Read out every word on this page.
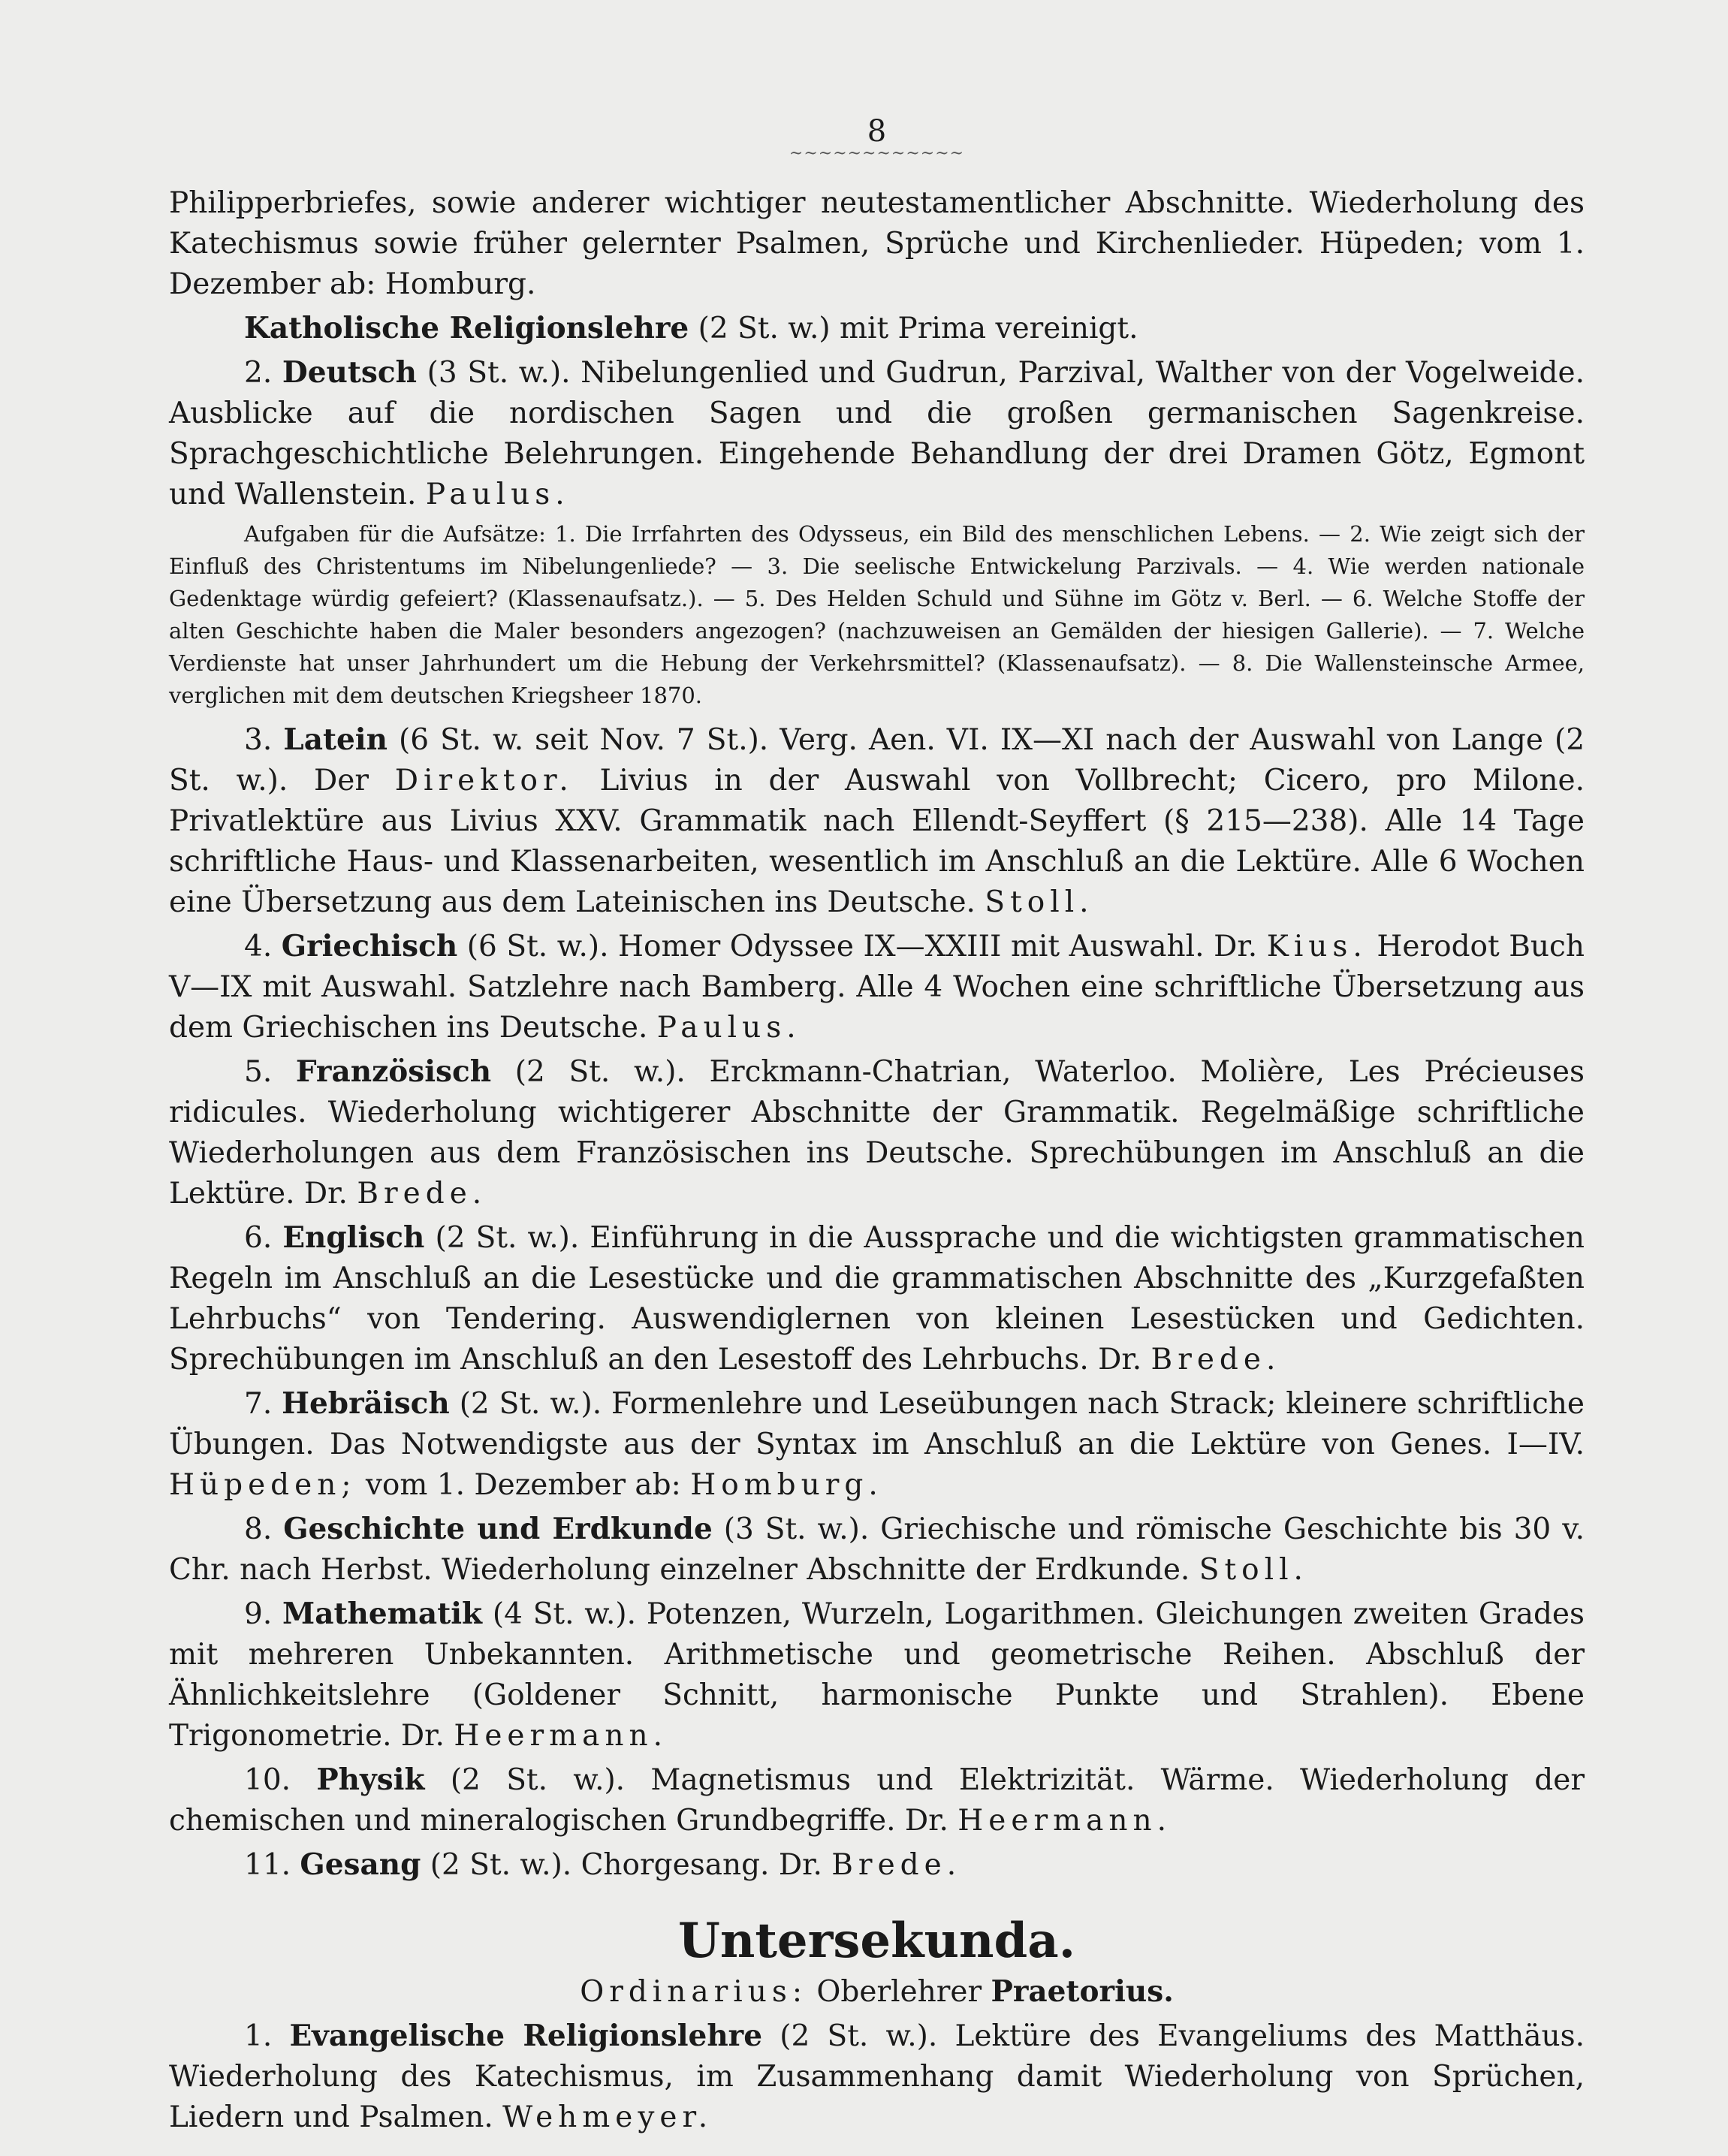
8
~~~~~~~~~~~~

Philipperbriefes, sowie anderer wichtiger neutestamentlicher Abschnitte. Wiederholung des Katechismus sowie früher gelernter Psalmen, Sprüche und Kirchenlieder. Hüpeden; vom 1. Dezember ab: Homburg.

Katholische Religionslehre (2 St. w.) mit Prima vereinigt.

2. Deutsch (3 St. w.). Nibelungenlied und Gudrun, Parzival, Walther von der Vogelweide. Ausblicke auf die nordischen Sagen und die großen germanischen Sagenkreise. Sprachgeschichtliche Belehrungen. Eingehende Behandlung der drei Dramen Götz, Egmont und Wallenstein. Paulus.

Aufgaben für die Aufsätze: 1. Die Irrfahrten des Odysseus, ein Bild des menschlichen Lebens. — 2. Wie zeigt sich der Einfluß des Christentums im Nibelungenliede? — 3. Die seelische Entwickelung Parzivals. — 4. Wie werden nationale Gedenktage würdig gefeiert? (Klassenaufsatz.). — 5. Des Helden Schuld und Sühne im Götz v. Berl. — 6. Welche Stoffe der alten Geschichte haben die Maler besonders angezogen? (nachzuweisen an Gemälden der hiesigen Gallerie). — 7. Welche Verdienste hat unser Jahrhundert um die Hebung der Verkehrsmittel? (Klassenaufsatz). — 8. Die Wallensteinsche Armee, verglichen mit dem deutschen Kriegsheer 1870.

3. Latein (6 St. w. seit Nov. 7 St.). Verg. Aen. VI. IX—XI nach der Auswahl von Lange (2 St. w.). Der Direktor. Livius in der Auswahl von Vollbrecht; Cicero, pro Milone. Privatlektüre aus Livius XXV. Grammatik nach Ellendt-Seyffert (§ 215—238). Alle 14 Tage schriftliche Haus- und Klassenarbeiten, wesentlich im Anschluß an die Lektüre. Alle 6 Wochen eine Übersetzung aus dem Lateinischen ins Deutsche. Stoll.

4. Griechisch (6 St. w.). Homer Odyssee IX—XXIII mit Auswahl. Dr. Kius. Herodot Buch V—IX mit Auswahl. Satzlehre nach Bamberg. Alle 4 Wochen eine schriftliche Übersetzung aus dem Griechischen ins Deutsche. Paulus.

5. Französisch (2 St. w.). Erckmann-Chatrian, Waterloo. Molière, Les Précieuses ridicules. Wiederholung wichtigerer Abschnitte der Grammatik. Regelmäßige schriftliche Wiederholungen aus dem Französischen ins Deutsche. Sprechübungen im Anschluß an die Lektüre. Dr. Brede.

6. Englisch (2 St. w.). Einführung in die Aussprache und die wichtigsten grammatischen Regeln im Anschluß an die Lesestücke und die grammatischen Abschnitte des „Kurzgefaßten Lehrbuchs“ von Tendering. Auswendiglernen von kleinen Lesestücken und Gedichten. Sprechübungen im Anschluß an den Lesestoff des Lehrbuchs. Dr. Brede.

7. Hebräisch (2 St. w.). Formenlehre und Leseübungen nach Strack; kleinere schriftliche Übungen. Das Notwendigste aus der Syntax im Anschluß an die Lektüre von Genes. I—IV. Hüpeden; vom 1. Dezember ab: Homburg.

8. Geschichte und Erdkunde (3 St. w.). Griechische und römische Geschichte bis 30 v. Chr. nach Herbst. Wiederholung einzelner Abschnitte der Erdkunde. Stoll.

9. Mathematik (4 St. w.). Potenzen, Wurzeln, Logarithmen. Gleichungen zweiten Grades mit mehreren Unbekannten. Arithmetische und geometrische Reihen. Abschluß der Ähnlichkeitslehre (Goldener Schnitt, harmonische Punkte und Strahlen). Ebene Trigonometrie. Dr. Heermann.

10. Physik (2 St. w.). Magnetismus und Elektrizität. Wärme. Wiederholung der chemischen und mineralogischen Grundbegriffe. Dr. Heermann.

11. Gesang (2 St. w.). Chorgesang. Dr. Brede.

Untersekunda.
Ordinarius: Oberlehrer Praetorius.

1. Evangelische Religionslehre (2 St. w.). Lektüre des Evangeliums des Matthäus. Wiederholung des Katechismus, im Zusammenhang damit Wiederholung von Sprüchen, Liedern und Psalmen. Wehmeyer.
